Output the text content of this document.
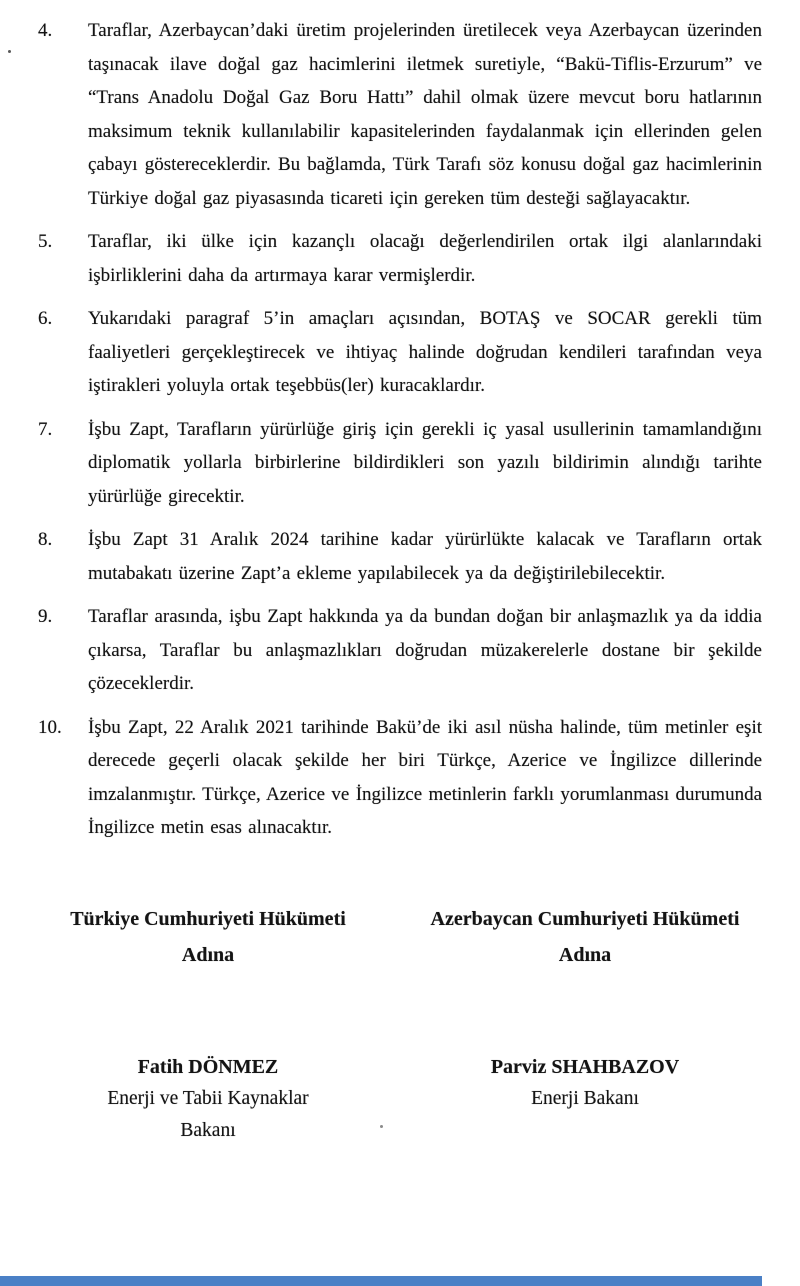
4.	Taraflar, Azerbaycan’daki üretim projelerinden üretilecek veya Azerbaycan üzerinden taşınacak ilave doğal gaz hacimlerini iletmek suretiyle, “Bakü-Tiflis-Erzurum” ve “Trans Anadolu Doğal Gaz Boru Hattı” dahil olmak üzere mevcut boru hatlarının maksimum teknik kullanılabilir kapasitelerinden faydalanmak için ellerinden gelen çabayı göstereceklerdir. Bu bağlamda, Türk Tarafı söz konusu doğal gaz hacimlerinin Türkiye doğal gaz piyasasında ticareti için gereken tüm desteği sağlayacaktır.

5.	Taraflar, iki ülke için kazançlı olacağı değerlendirilen ortak ilgi alanlarındaki işbirliklerini daha da artırmaya karar vermişlerdir.

6.	Yukarıdaki paragraf 5’in amaçları açısından, BOTAŞ ve SOCAR gerekli tüm faaliyetleri gerçekleştirecek ve ihtiyaç halinde doğrudan kendileri tarafından veya iştirakleri yoluyla ortak teşebbüs(ler) kuracaklardır.

7.	İşbu Zapt, Tarafların yürürlüğe giriş için gerekli iç yasal usullerinin tamamlandığını diplomatik yollarla birbirlerine bildirdikleri son yazılı bildirimin alındığı tarihte yürürlüğe girecektir.

8.	İşbu Zapt 31 Aralık 2024 tarihine kadar yürürlükte kalacak ve Tarafların ortak mutabakatı üzerine Zapt’a ekleme yapılabilecek ya da değiştirilebilecektir.

9.	Taraflar arasında, işbu Zapt hakkında ya da bundan doğan bir anlaşmazlık ya da iddia çıkarsa, Taraflar bu anlaşmazlıkları doğrudan müzakerelerle dostane bir şekilde çözeceklerdir.

10.	İşbu Zapt, 22 Aralık 2021 tarihinde Bakü’de iki asıl nüsha halinde, tüm metinler eşit derecede geçerli olacak şekilde her biri Türkçe, Azerice ve İngilizce dillerinde imzalanmıştır. Türkçe, Azerice ve İngilizce metinlerin farklı yorumlanması durumunda İngilizce metin esas alınacaktır.

Türkiye Cumhuriyeti Hükümeti
Adına
Fatih DÖNMEZ
Enerji ve Tabii Kaynaklar
Bakanı
Azerbaycan Cumhuriyeti Hükümeti
Adına
Parviz SHAHBAZOV
Enerji Bakanı
